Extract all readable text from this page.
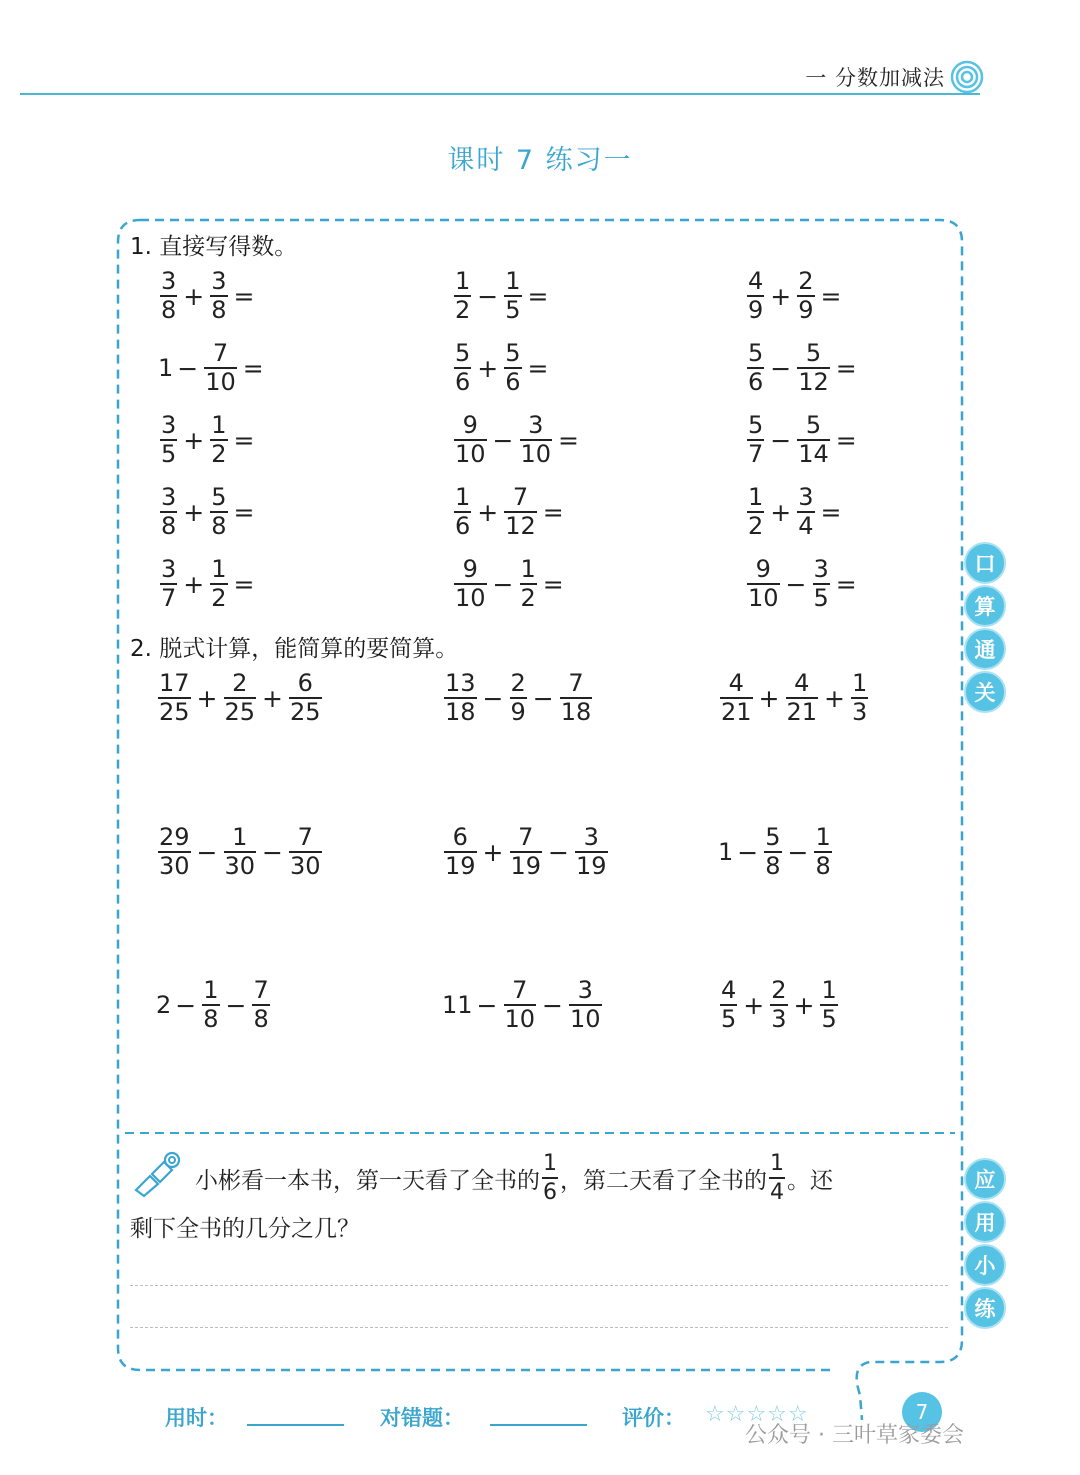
一 分数加减法
课时 7 练习一
1. 直接写得数。
$\frac{3}{8} + \frac{3}{8}$ =	$\frac{1}{2} - \frac{1}{5}$ =	$\frac{4}{9} + \frac{2}{9}$ =
$1 - \frac{7}{10}$ =	$\frac{5}{6} + \frac{5}{6}$ =	$\frac{5}{6} - \frac{5}{12}$ =
$\frac{3}{5} + \frac{1}{2}$ =	$\frac{9}{10} - \frac{3}{10}$ =	$\frac{5}{7} - \frac{5}{14}$ =
$\frac{3}{8} + \frac{5}{8}$ =	$\frac{1}{6} + \frac{7}{12}$ =	$\frac{1}{2} + \frac{3}{4}$ =
$\frac{3}{7} + \frac{1}{2}$ =	$\frac{9}{10} - \frac{1}{2}$ =	$\frac{9}{10} - \frac{3}{5}$ =
2. 脱式计算，能简算的要简算。
$\frac{17}{25} + \frac{2}{25} + \frac{6}{25}$	$\frac{13}{18} - \frac{2}{9} - \frac{7}{18}$	$\frac{4}{21} + \frac{4}{21} + \frac{1}{3}$
$\frac{29}{30} - \frac{1}{30} - \frac{7}{30}$	$\frac{6}{19} + \frac{7}{19} - \frac{3}{19}$	$1 - \frac{5}{8} - \frac{1}{8}$
$2 - \frac{1}{8} - \frac{7}{8}$	$11 - \frac{7}{10} - \frac{3}{10}$	$\frac{4}{5} + \frac{2}{3} + \frac{1}{5}$
口
算
通
关
应
用
小
练
小彬看一本书，第一天看了全书的 $\frac{1}{6}$ ，第二天看了全书的 $\frac{1}{4}$ 。还
剩下全书的几分之几？
用时：	对错题：	评价： ☆☆☆☆☆	7
公众号 · 三叶草家委会
